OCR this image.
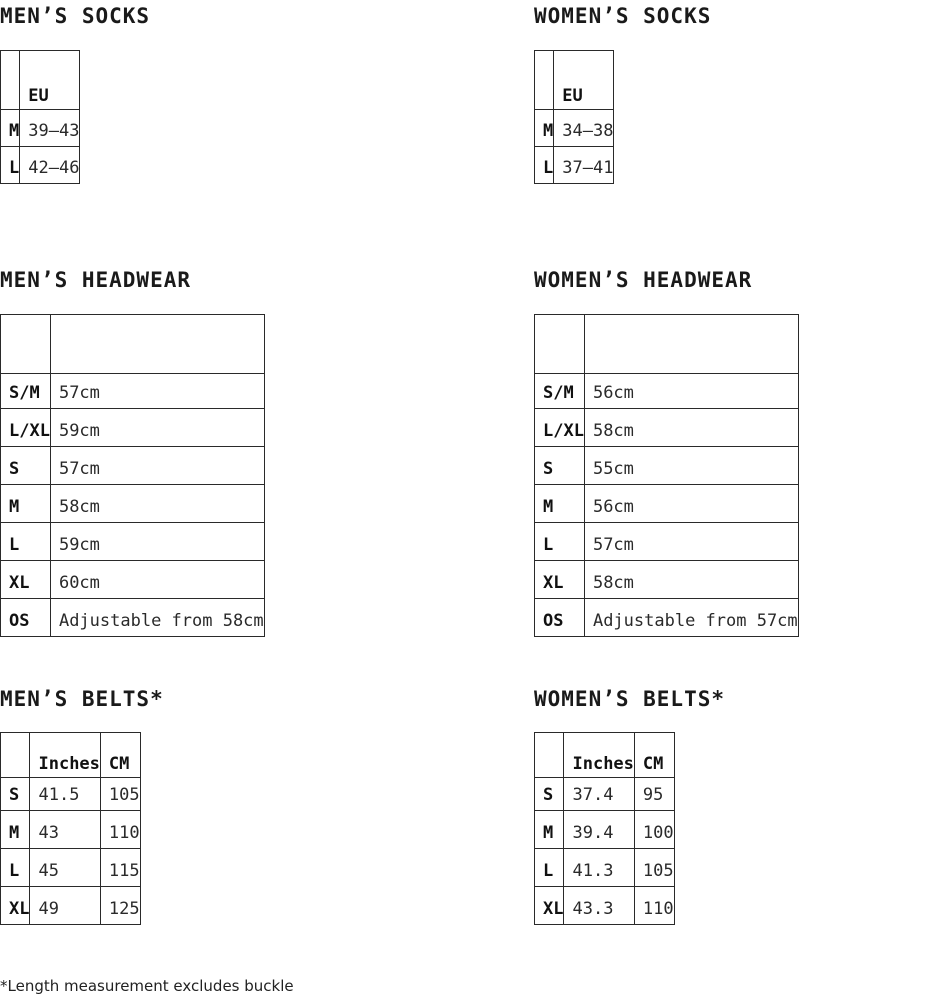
MEN’S SOCKS
	EU
M	39–43
L	42–46
WOMEN’S SOCKS
	EU
M	34–38
L	37–41
MEN’S HEADWEAR

S/M	57cm
L/XL	59cm
S	57cm
M	58cm
L	59cm
XL	60cm
OS	Adjustable from 58cm
WOMEN’S HEADWEAR

S/M	56cm
L/XL	58cm
S	55cm
M	56cm
L	57cm
XL	58cm
OS	Adjustable from 57cm
MEN’S BELTS*
	Inches	CM
S	41.5	105
M	43	110
L	45	115
XL	49	125
WOMEN’S BELTS*
	Inches	CM
S	37.4	95
M	39.4	100
L	41.3	105
XL	43.3	110
*Length measurement excludes buckle
